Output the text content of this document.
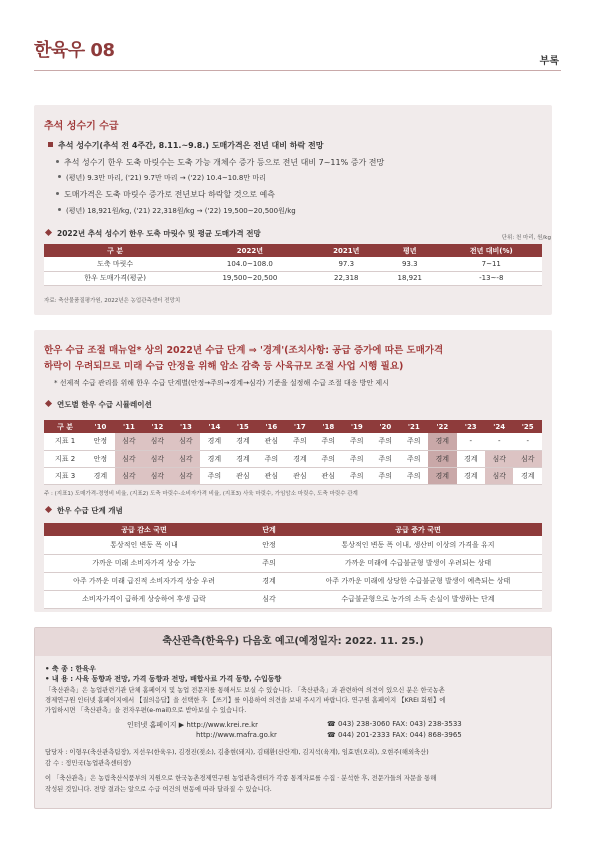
한육우 08
부록
추석 성수기 수급
추석 성수기(추석 전 4주간, 8.11.~9.8.) 도매가격은 전년 대비 하락 전망
추석 성수기 한우 도축 마릿수는 도축 가능 개체수 증가 등으로 전년 대비 7~11% 증가 전망
(평년) 9.3만 마리, ('21) 9.7만 마리 → ('22) 10.4~10.8만 마리
도매가격은 도축 마릿수 증가로 전년보다 하락할 것으로 예측
(평년) 18,921원/kg, ('21) 22,318원/kg → ('22) 19,500~20,500원/kg
2022년 추석 성수기 한우 도축 마릿수 및 평균 도매가격 전망	단위: 천 마리, 원/kg
구 분	2022년	2021년	평년	전년 대비(%)
도축 마릿수	104.0~108.0	97.3	93.3	7~11
한우 도매가격(평균)	19,500~20,500	22,318	18,921	-13~-8
자료: 축산물품질평가원, 2022년은 농업관측센터 전망치
한우 수급 조절 매뉴얼* 상의 2022년 수급 단계 ⇒ '경계'(조치사항: 공급 증가에 따른 도매가격
하락이 우려되므로 미래 수급 안정을 위해 암소 감축 등 사육규모 조절 사업 시행 필요)
* 선제적 수급 관리를 위해 한우 수급 단계별(안정→주의→경계→심각) 기준을 설정해 수급 조절 대응 방안 제시
연도별 한우 수급 시뮬레이션
구 분	'10	'11	'12	'13	'14	'15	'16	'17	'18	'19	'20	'21	'22	'23	'24	'25
지표 1	안정	심각	심각	심각	경계	경계	관심	주의	주의	주의	주의	주의	경계	-	-	-
지표 2	안정	심각	심각	심각	경계	경계	주의	경계	주의	주의	주의	주의	경계	경계	심각	심각
지표 3	경계	심각	심각	심각	주의	관심	관심	관심	관심	주의	주의	주의	경계	경계	심각	경계
주 : (지표1) 도매가격-경영비 비율, (지표2) 도축 마릿수-소비자가격 비율, (지표3) 사육 마릿수, 가임암소 마릿수, 도축 마릿수 관계
한우 수급 단계 개념
공급 감소 국면	단계	공급 증가 국면
통상적인 변동 폭 이내	안정	통상적인 변동 폭 이내, 생산비 이상의 가격을 유지
가까운 미래 소비자가격 상승 가능	주의	가까운 미래에 수급불균형 발생이 우려되는 상태
아주 가까운 미래 급진적 소비자가격 상승 우려	경계	아주 가까운 미래에 상당한 수급불균형 발생이 예측되는 상태
소비자가격이 급하게 상승하여 후생 급락	심각	수급불균형으로 농가의 소득 손실이 발생하는 단계
축산관측(한육우) 다음호 예고(예정일자: 2022. 11. 25.)
• 축 종 : 한육우
• 내 용 : 사육 동향과 전망, 가격 동향과 전망, 배합사료 가격 동향, 수입동향
「축산관측」은 농업관련기관 단체 홈페이지 및 농업 전문지를 통해서도 보실 수 있습니다. 「축산관측」과 관련하여 의견이 있으신 분은 한국농촌
경제연구원 인터넷 홈페이지에서 【질의응답】을 선택한 후 【쓰기】를 이용하여 의견을 보내 주시기 바랍니다. 연구원 홈페이지 【KREI 회원】에
가입하시면 「축산관측」을 전자우편(e-mail)으로 받아보실 수 있습니다.
인터넷 홈페이지 ▶ http://www.krei.re.kr
http://www.mafra.go.kr
☎ 043) 238-3060 FAX: 043) 238-3533
☎ 044) 201-2333 FAX: 044) 868-3965
담당자 : 이형우(축산관측팀장), 지선우(한육우), 김경진(젖소), 김충현(돼지), 김태환(산란계), 김지석(육계), 임효빈(오리), 오현주(해외축산)
감 수 : 정민국(농업관측센터장)
이 「축산관측」은 농림축산식품부의 지원으로 한국농촌경제연구원 농업관측센터가 각종 통계자료를 수집 · 분석한 후, 전문가들의 자문을 통해
작성된 것입니다. 전망 결과는 앞으로 수급 여건의 변동에 따라 달라질 수 있습니다.
